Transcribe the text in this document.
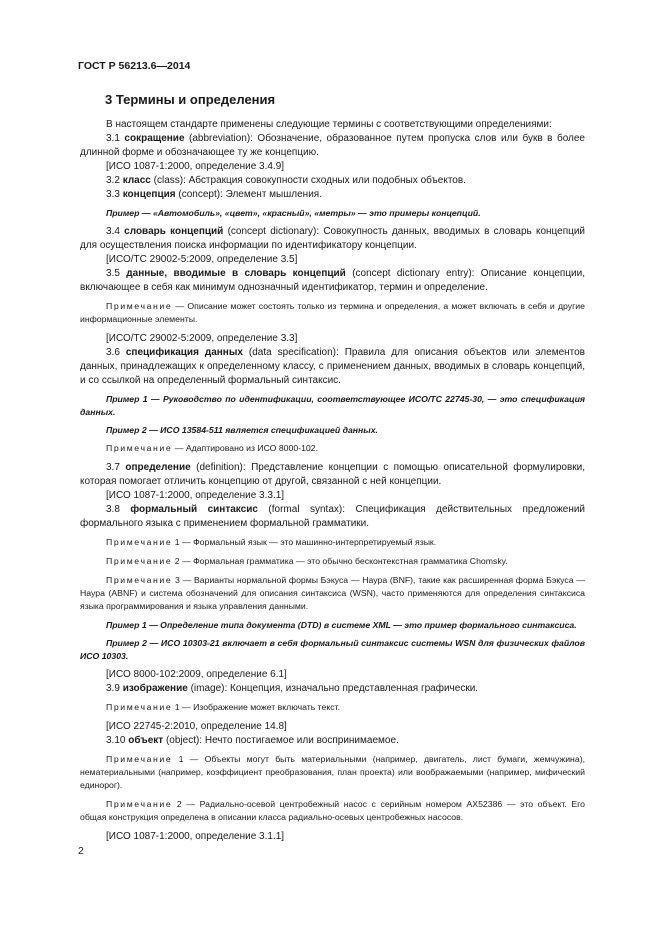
ГОСТ Р 56213.6—2014
3 Термины и определения

В настоящем стандарте применены следующие термины с соответствующими определениями:

3.1 сокращение (abbreviation): Обозначение, образованное путем пропуска слов или букв в более длинной форме и обозначающее ту же концепцию.

[ИСО 1087-1:2000, определение 3.4.9]

3.2 класс (class): Абстракция совокупности сходных или подобных объектов.

3.3 концепция (concept): Элемент мышления.

Пример — «Автомобиль», «цвет», «красный», «метры» — это примеры концепций.

3.4 словарь концепций (concept dictionary): Совокупность данных, вводимых в словарь концепций для осуществления поиска информации по идентификатору концепции.

[ИСО/ТС 29002-5:2009, определение 3.5]

3.5 данные, вводимые в словарь концепций (concept dictionary entry): Описание концепции, включающее в себя как минимум однозначный идентификатор, термин и определение.

Примечание — Описание может состоять только из термина и определения, а может включать в себя и другие информационные элементы.

[ИСО/ТС 29002-5:2009, определение 3.3]

3.6 спецификация данных (data specification): Правила для описания объектов или элементов данных, принадлежащих к определенному классу, с применением данных, вводимых в словарь концепций, и со ссылкой на определенный формальный синтаксис.

Пример 1 — Руководство по идентификации, соответствующее ИСО/ТС 22745-30, — это спецификация данных.

Пример 2 — ИСО 13584-511 является спецификацией данных.

Примечание — Адаптировано из ИСО 8000-102.

3.7 определение (definition): Представление концепции с помощью описательной формулировки, которая помогает отличить концепцию от другой, связанной с ней концепции.

[ИСО 1087-1:2000, определение 3.3.1]

3.8 формальный синтаксис (formal syntax): Спецификация действительных предложений формального языка с применением формальной грамматики.

Примечание 1 — Формальный язык — это машинно-интерпретируемый язык.

Примечание 2 — Формальная грамматика — это обычно бесконтекстная грамматика Chomsky.

Примечание 3 — Варианты нормальной формы Бэкуса — Наура (BNF), такие как расширенная форма Бэкуса — Наура (ABNF) и система обозначений для описания синтаксиса (WSN), часто применяются для определения синтаксиса языка программирования и языка управления данными.

Пример 1 — Определение типа документа (DTD) в системе XML — это пример формального синтаксиса.

Пример 2 — ИСО 10303-21 включает в себя формальный синтаксис системы WSN для физических файлов ИСО 10303.

[ИСО 8000-102:2009, определение 6.1]

3.9 изображение (image): Концепция, изначально представленная графически.

Примечание 1 — Изображение может включать текст.

[ИСО 22745-2:2010, определение 14.8]

3.10 объект (object): Нечто постигаемое или воспринимаемое.

Примечание 1 — Объекты могут быть материальными (например, двигатель, лист бумаги, жемчужина), нематериальными (например, коэффициент преобразования, план проекта) или воображаемыми (например, мифический единорог).

Примечание 2 — Радиально-осевой центробежный насос с серийным номером AX52386 — это объект. Его общая конструкция определена в описании класса радиально-осевых центробежных насосов.

[ИСО 1087-1:2000, определение 3.1.1]

2
